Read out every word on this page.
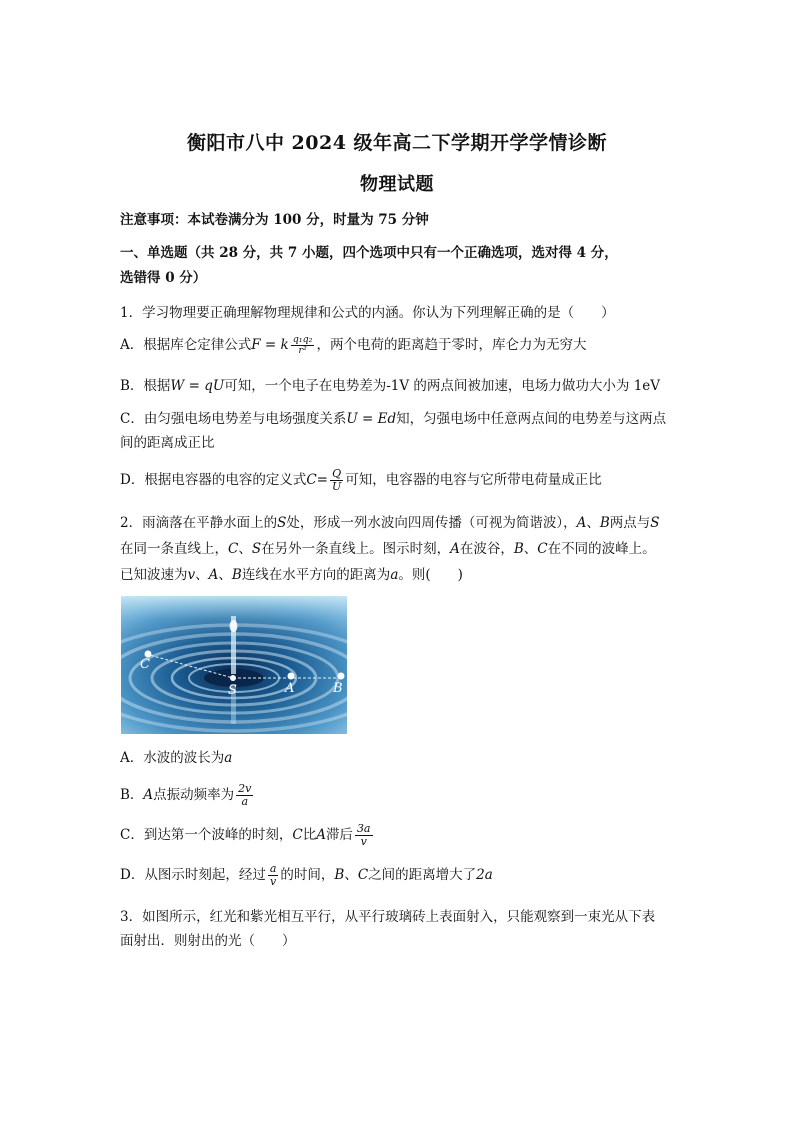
衡阳市八中 2024 级年高二下学期开学学情诊断
物理试题
注意事项：本试卷满分为 100 分，时量为 75 分钟
一、单选题（共 28 分，共 7 小题，四个选项中只有一个正确选项，选对得 4 分，
选错得 0 分）
1．学习物理要正确理解物理规律和公式的内涵。你认为下列理解正确的是（　　）
A．根据库仑定律公式F = k $\frac{\text{q₁q₂}}{\text{r²}}$ ，两个电荷的距离趋于零时，库仑力为无穷大
B．根据W = qU可知，一个电子在电势差为-1V 的两点间被加速，电场力做功大小为 1eV
C．由匀强电场电势差与电场强度关系U = Ed知，匀强电场中任意两点间的电势差与这两点
间的距离成正比
D．根据电容器的电容的定义式$C= \frac{Q}{U}$ 可知，电容器的电容与它所带电荷量成正比
2．雨滴落在平静水面上的S处，形成一列水波向四周传播（可视为简谐波），A、B两点与S
在同一条直线上，C、S在另外一条直线上。图示时刻，A在波谷，B、C在不同的波峰上。
已知波速为v、A、B连线在水平方向的距离为a。则(　　)
C
S	A	B
A．水波的波长为a
B．A点振动频率为 $\frac{2v}{a}$
C．到达第一个波峰的时刻，C比A滞后 $\frac{3a}{v}$
D．从图示时刻起，经过 $\frac{a}{v}$ 的时间，B、C之间的距离增大了2a
3．如图所示，红光和紫光相互平行，从平行玻璃砖上表面射入，只能观察到一束光从下表
面射出．则射出的光（　　）
